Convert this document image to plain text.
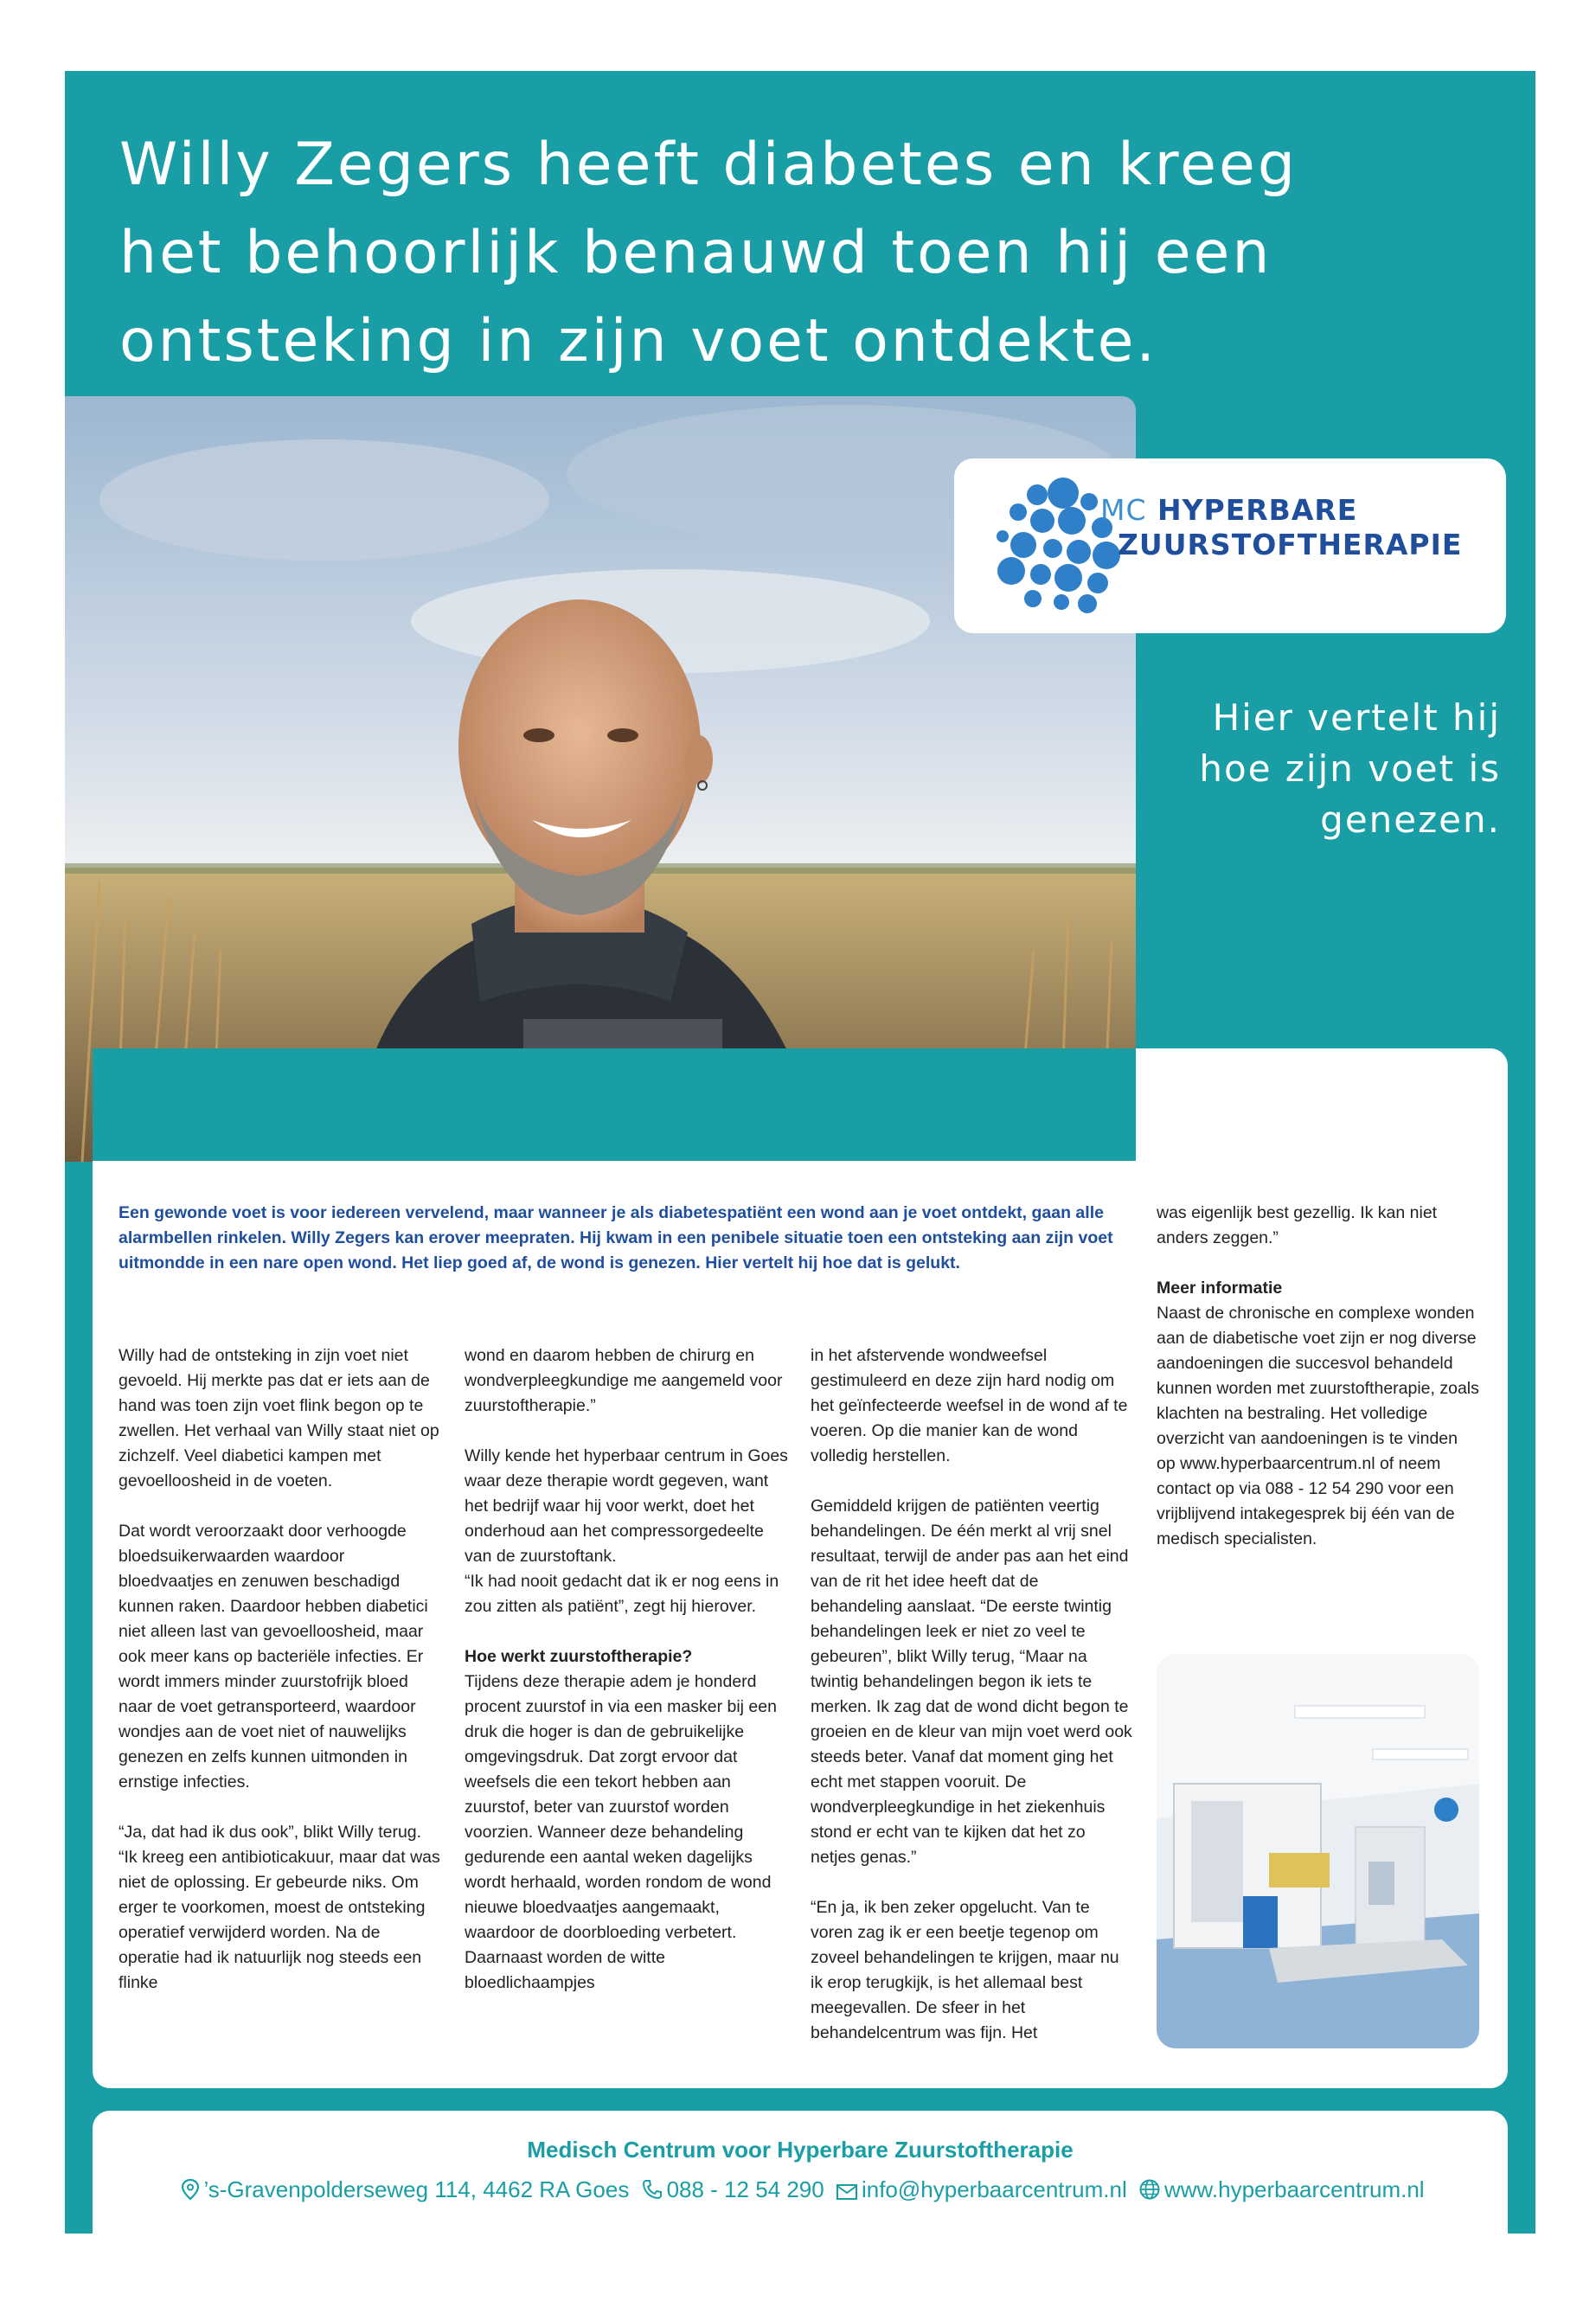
Willy Zegers heeft diabetes en kreeg het behoorlijk benauwd toen hij een ontsteking in zijn voet ontdekte.
MC HYPERBARE
ZUURSTOFTHERAPIE

Hier vertelt hij hoe zijn voet is genezen.

Een gewonde voet is voor iedereen vervelend, maar wanneer je als diabetespatiënt een wond aan je voet ontdekt, gaan alle alarmbellen rinkelen. Willy Zegers kan erover meepraten. Hij kwam in een penibele situatie toen een ontsteking aan zijn voet uitmondde in een nare open wond. Het liep goed af, de wond is genezen. Hier vertelt hij hoe dat is gelukt.

Willy had de ontsteking in zijn voet niet gevoeld. Hij merkte pas dat er iets aan de hand was toen zijn voet flink begon op te zwellen. Het verhaal van Willy staat niet op zichzelf. Veel diabetici kampen met gevoelloosheid in de voeten.

Dat wordt veroorzaakt door verhoogde bloedsuikerwaarden waardoor bloedvaatjes en zenuwen beschadigd kunnen raken. Daardoor hebben diabetici niet alleen last van gevoelloosheid, maar ook meer kans op bacteriële infecties. Er wordt immers minder zuurstofrijk bloed naar de voet getransporteerd, waardoor wondjes aan de voet niet of nauwelijks genezen en zelfs kunnen uitmonden in ernstige infecties.

“Ja, dat had ik dus ook”, blikt Willy terug. “Ik kreeg een antibioticakuur, maar dat was niet de oplossing. Er gebeurde niks. Om erger te voorkomen, moest de ontsteking operatief verwijderd worden. Na de operatie had ik natuurlijk nog steeds een flinke

wond en daarom hebben de chirurg en wondverpleegkundige me aangemeld voor zuurstoftherapie.”

Willy kende het hyperbaar centrum in Goes waar deze therapie wordt gegeven, want het bedrijf waar hij voor werkt, doet het onderhoud aan het compressorgedeelte van de zuurstoftank.

“Ik had nooit gedacht dat ik er nog eens in zou zitten als patiënt”, zegt hij hierover.

Hoe werkt zuurstoftherapie?

Tijdens deze therapie adem je honderd procent zuurstof in via een masker bij een druk die hoger is dan de gebruikelijke omgevingsdruk. Dat zorgt ervoor dat weefsels die een tekort hebben aan zuurstof, beter van zuurstof worden voorzien. Wanneer deze behandeling gedurende een aantal weken dagelijks wordt herhaald, worden rondom de wond nieuwe bloedvaatjes aangemaakt, waardoor de doorbloeding verbetert. Daarnaast worden de witte bloedlichaampjes

in het afstervende wondweefsel gestimuleerd en deze zijn hard nodig om het geïnfecteerde weefsel in de wond af te voeren. Op die manier kan de wond volledig herstellen.

Gemiddeld krijgen de patiënten veertig behandelingen. De één merkt al vrij snel resultaat, terwijl de ander pas aan het eind van de rit het idee heeft dat de behandeling aanslaat. “De eerste twintig behandelingen leek er niet zo veel te gebeuren”, blikt Willy terug, “Maar na twintig behandelingen begon ik iets te merken. Ik zag dat de wond dicht begon te groeien en de kleur van mijn voet werd ook steeds beter. Vanaf dat moment ging het echt met stappen vooruit. De wondverpleegkundige in het ziekenhuis stond er echt van te kijken dat het zo netjes genas.”

“En ja, ik ben zeker opgelucht. Van te voren zag ik er een beetje tegenop om zoveel behandelingen te krijgen, maar nu ik erop terugkijk, is het allemaal best meegevallen. De sfeer in het behandelcentrum was fijn. Het

was eigenlijk best gezellig. Ik kan niet anders zeggen.”

Meer informatie

Naast de chronische en complexe wonden aan de diabetische voet zijn er nog diverse aandoeningen die succesvol behandeld kunnen worden met zuurstoftherapie, zoals klachten na bestraling. Het volledige overzicht van aandoeningen is te vinden op www.hyperbaarcentrum.nl of neem contact op via 088 - 12 54 290 voor een vrijblijvend intakegesprek bij één van de medisch specialisten.

Medisch Centrum voor Hyperbare Zuurstoftherapie
’s-Gravenpolderseweg 114, 4462 RA Goes 088 - 12 54 290 info@hyperbaarcentrum.nl www.hyperbaarcentrum.nl
